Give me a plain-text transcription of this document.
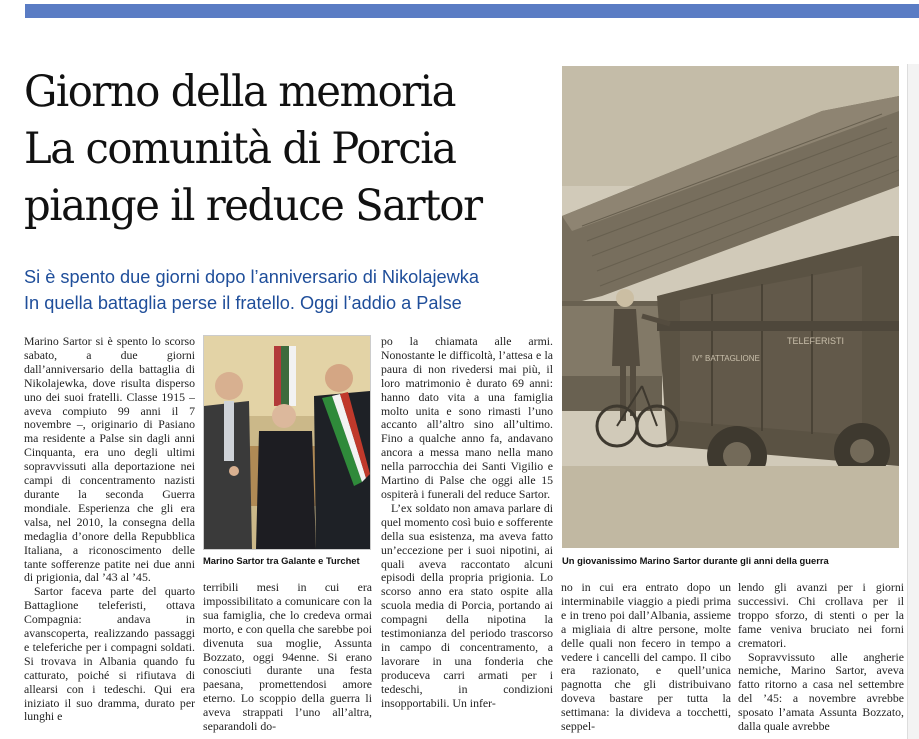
Giorno della memoria
La comunità di Porcia
piange il reduce Sartor
Si è spento due giorni dopo l’anniversario di Nikolajewka
In quella battaglia perse il fratello. Oggi l’addio a Palse

Marino Sartor si è spento lo scorso sabato, a due giorni dall’anniversario della battaglia di Nikolajewka, dove risulta disperso uno dei suoi fratelli. Classe 1915 – aveva compiuto 99 anni il 7 novembre –, originario di Pasiano ma residente a Palse sin dagli anni Cinquanta, era uno degli ultimi sopravvissuti alla deportazione nei campi di concentramento nazisti durante la seconda Guerra mondiale. Esperienza che gli era valsa, nel 2010, la consegna della medaglia d’onore della Repubblica Italiana, a riconoscimento delle tante sofferenze patite nei due anni di prigionia, dal ’43 al ’45.

Sartor faceva parte del quarto Battaglione teleferisti, ottava Compagnia: andava in avanscoperta, realizzando passaggi e teleferiche per i compagni soldati. Si trovava in Albania quando fu catturato, poiché si rifiutava di allearsi con i tedeschi. Qui era iniziato il suo dramma, durato per lunghi e

Marino Sartor tra Galante e Turchet

terribili mesi in cui era impossibilitato a comunicare con la sua famiglia, che lo credeva ormai morto, e con quella che sarebbe poi divenuta sua moglie, Assunta Bozzato, oggi 94enne. Si erano conosciuti durante una festa paesana, promettendosi amore eterno. Lo scoppio della guerra li aveva strappati l’uno all’altra, separandoli do-

po la chiamata alle armi. Nonostante le difficoltà, l’attesa e la paura di non rivedersi mai più, il loro matrimonio è durato 69 anni: hanno dato vita a una famiglia molto unita e sono rimasti l’uno accanto all’altro sino all’ultimo. Fino a qualche anno fa, andavano ancora a messa mano nella mano nella parrocchia dei Santi Vigilio e Martino di Palse che oggi alle 15 ospiterà i funerali del reduce Sartor.

L’ex soldato non amava parlare di quel momento così buio e sofferente della sua esistenza, ma aveva fatto un’eccezione per i suoi nipotini, ai quali aveva raccontato alcuni episodi della propria prigionia. Lo scorso anno era stato ospite alla scuola media di Porcia, portando ai compagni della nipotina la testimonianza del periodo trascorso in campo di concentramento, a lavorare in una fonderia che produceva carri armati per i tedeschi, in condizioni insopportabili. Un infer-

IV° BATTAGLIONE
TELEFERISTI
Un giovanissimo Marino Sartor durante gli anni della guerra

no in cui era entrato dopo un interminabile viaggio a piedi prima e in treno poi dall’Albania, assieme a migliaia di altre persone, molte delle quali non fecero in tempo a vedere i cancelli del campo. Il cibo era razionato, e quell’unica pagnotta che gli distribuivano doveva bastare per tutta la settimana: la divideva a tocchetti, seppel-

lendo gli avanzi per i giorni successivi. Chi crollava per il troppo sforzo, di stenti o per la fame veniva bruciato nei forni crematori.

Sopravvissuto alle angherie nemiche, Marino Sartor, aveva fatto ritorno a casa nel settembre del ’45: a novembre avrebbe sposato l’amata Assunta Bozzato, dalla quale avrebbe
